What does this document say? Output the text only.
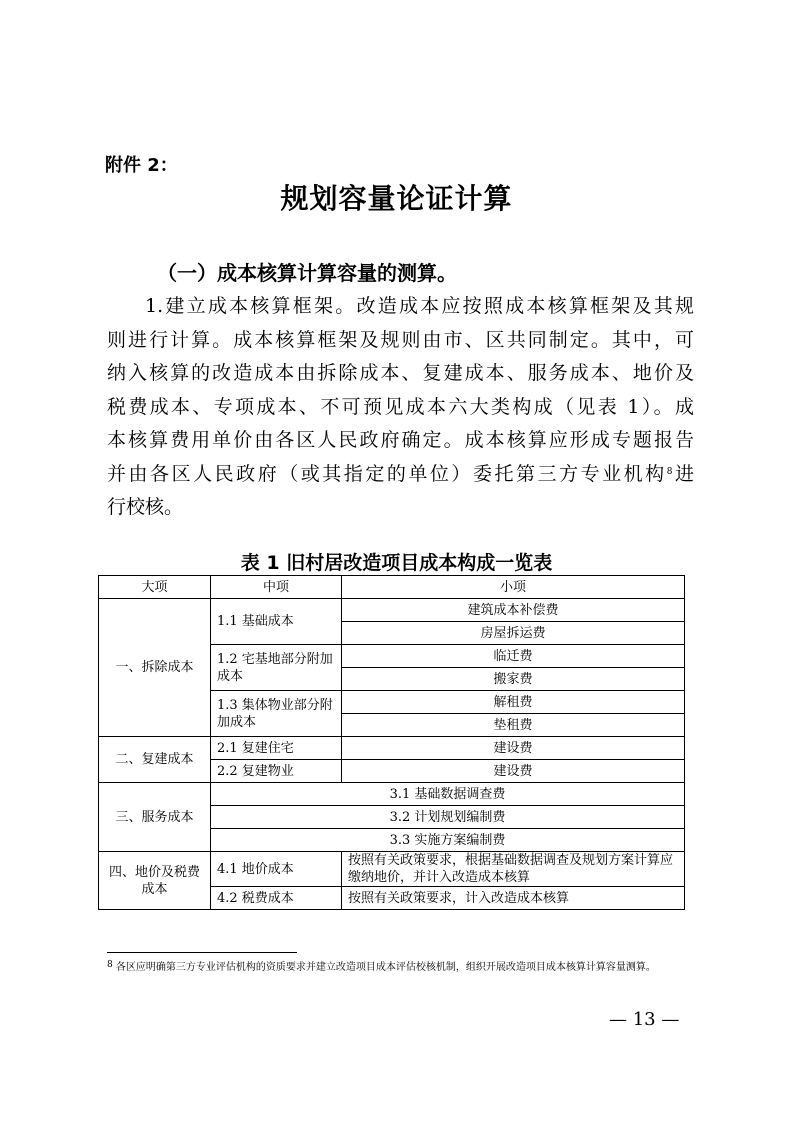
附件 2：
规划容量论证计算
（一）成本核算计算容量的测算。
1.建立成本核算框架。改造成本应按照成本核算框架及其规
则进行计算。成本核算框架及规则由市、区共同制定。其中，可
纳入核算的改造成本由拆除成本、复建成本、服务成本、地价及
税费成本、专项成本、不可预见成本六大类构成（见表 1）。成
本核算费用单价由各区人民政府确定。成本核算应形成专题报告
并由各区人民政府（或其指定的单位）委托第三方专业机构$^8$进
行校核。
表 1 旧村居改造项目成本构成一览表
大项	中项	小项
一、拆除成本	1.1 基础成本	建筑成本补偿费
		房屋拆运费
	1.2 宅基地部分附加成本	临迁费
		搬家费
	1.3 集体物业部分附加成本	解租费
		垫租费
二、复建成本	2.1 复建住宅	建设费
	2.2 复建物业	建设费
三、服务成本	3.1 基础数据调查费	
	3.2 计划规划编制费	
	3.3 实施方案编制费	
四、地价及税费成本	4.1 地价成本	按照有关政策要求，根据基础数据调查及规划方案计算应缴纳地价，并计入改造成本核算
	4.2 税费成本	按照有关政策要求，计入改造成本核算
$^8$ 各区应明确第三方专业评估机构的资质要求并建立改造项目成本评估校核机制，组织开展改造项目成本核算计算容量测算。
— 13 —
